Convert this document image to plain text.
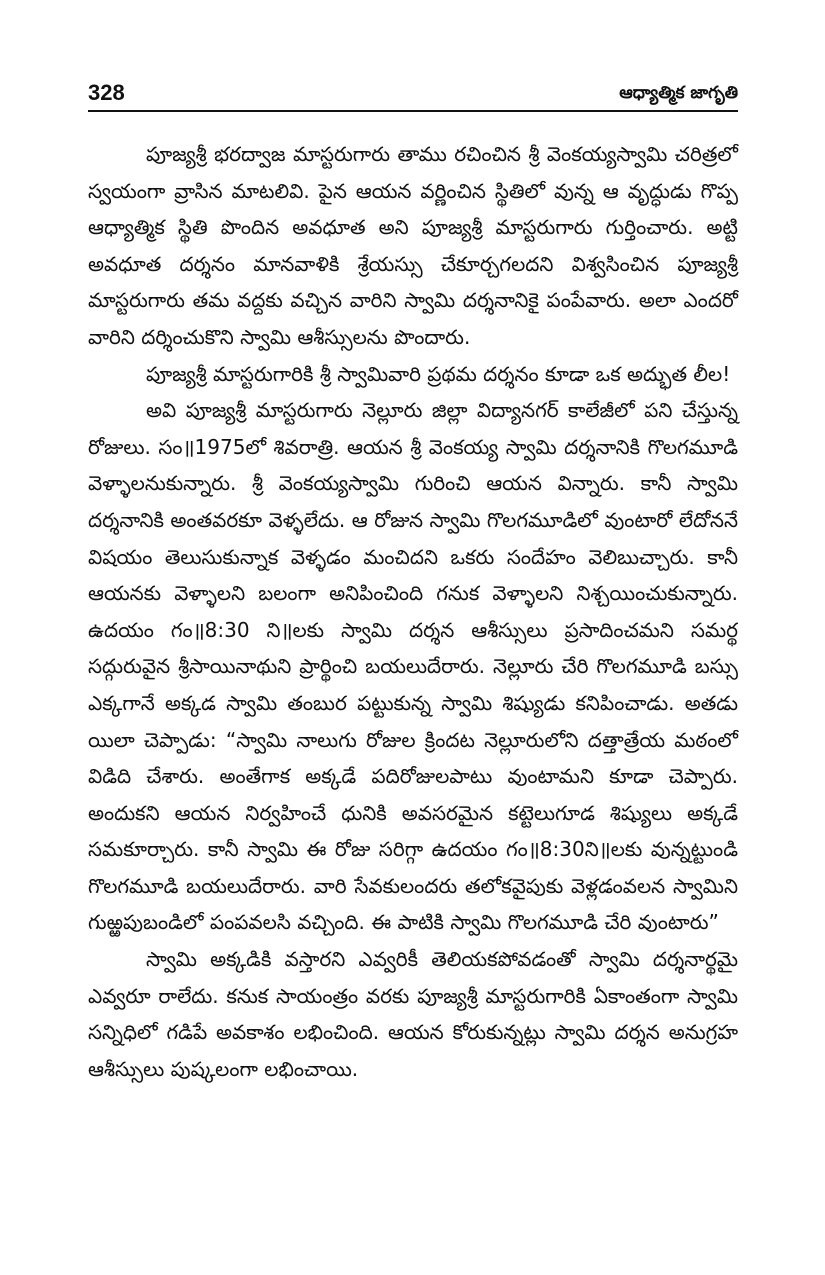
328	ఆధ్యాత్మిక జాగృతి

పూజ్యశ్రీ భరద్వాజ మాస్టరుగారు తాము రచించిన శ్రీ వెంకయ్యస్వామి చరిత్రలో స్వయంగా వ్రాసిన మాటలివి. పైన ఆయన వర్ణించిన స్థితిలో వున్న ఆ వృద్ధుడు గొప్ప ఆధ్యాత్మిక స్థితి పొందిన అవధూత అని పూజ్యశ్రీ మాస్టరుగారు గుర్తించారు. అట్టి అవధూత దర్శనం మానవాళికి శ్రేయస్సు చేకూర్చగలదని విశ్వసించిన పూజ్యశ్రీ మాస్టరుగారు తమ వద్దకు వచ్చిన వారిని స్వామి దర్శనానికై పంపేవారు. అలా ఎందరో వారిని దర్శించుకొని స్వామి ఆశీస్సులను పొందారు.

పూజ్యశ్రీ మాస్టరుగారికి శ్రీ స్వామివారి ప్రథమ దర్శనం కూడా ఒక అద్భుత లీల!

అవి పూజ్యశ్రీ మాస్టరుగారు నెల్లూరు జిల్లా విద్యానగర్ కాలేజీలో పని చేస్తున్న రోజులు. సం॥1975లో శివరాత్రి. ఆయన శ్రీ వెంకయ్య స్వామి దర్శనానికి గొలగమూడి వెళ్ళాలనుకున్నారు. శ్రీ వెంకయ్యస్వామి గురించి ఆయన విన్నారు. కానీ స్వామి దర్శనానికి అంతవరకూ వెళ్ళలేదు. ఆ రోజున స్వామి గొలగమూడిలో వుంటారో లేదోననే విషయం తెలుసుకున్నాక వెళ్ళడం మంచిదని ఒకరు సందేహం వెలిబుచ్చారు. కానీ ఆయనకు వెళ్ళాలని బలంగా అనిపించింది గనుక వెళ్ళాలని నిశ్చయించుకున్నారు. ఉదయం గం॥8:30 ని॥లకు స్వామి దర్శన ఆశీస్సులు ప్రసాదించమని సమర్థ సద్గురువైన శ్రీసాయినాథుని ప్రార్థించి బయలుదేరారు. నెల్లూరు చేరి గొలగమూడి బస్సు ఎక్కగానే అక్కడ స్వామి తంబుర పట్టుకున్న స్వామి శిష్యుడు కనిపించాడు. అతడు యిలా చెప్పాడు: “స్వామి నాలుగు రోజుల క్రిందట నెల్లూరులోని దత్తాత్రేయ మఠంలో విడిది చేశారు. అంతేగాక అక్కడే పదిరోజులపాటు వుంటామని కూడా చెప్పారు. అందుకని ఆయన నిర్వహించే ధునికి అవసరమైన కట్టెలుగూడ శిష్యులు అక్కడే సమకూర్చారు. కానీ స్వామి ఈ రోజు సరిగ్గా ఉదయం గం॥8:30ని॥లకు వున్నట్టుండి గొలగమూడి బయలుదేరారు. వారి సేవకులందరు తలోకవైపుకు వెళ్లడంవలన స్వామిని గుఱ్ఱపుబండిలో పంపవలసి వచ్చింది. ఈ పాటికి స్వామి గొలగమూడి చేరి వుంటారు”

స్వామి అక్కడికి వస్తారని ఎవ్వరికీ తెలియకపోవడంతో స్వామి దర్శనార్థమై ఎవ్వరూ రాలేదు. కనుక సాయంత్రం వరకు పూజ్యశ్రీ మాస్టరుగారికి ఏకాంతంగా స్వామి సన్నిధిలో గడిపే అవకాశం లభించింది. ఆయన కోరుకున్నట్లు స్వామి దర్శన అనుగ్రహ ఆశీస్సులు పుష్కలంగా లభించాయి.
